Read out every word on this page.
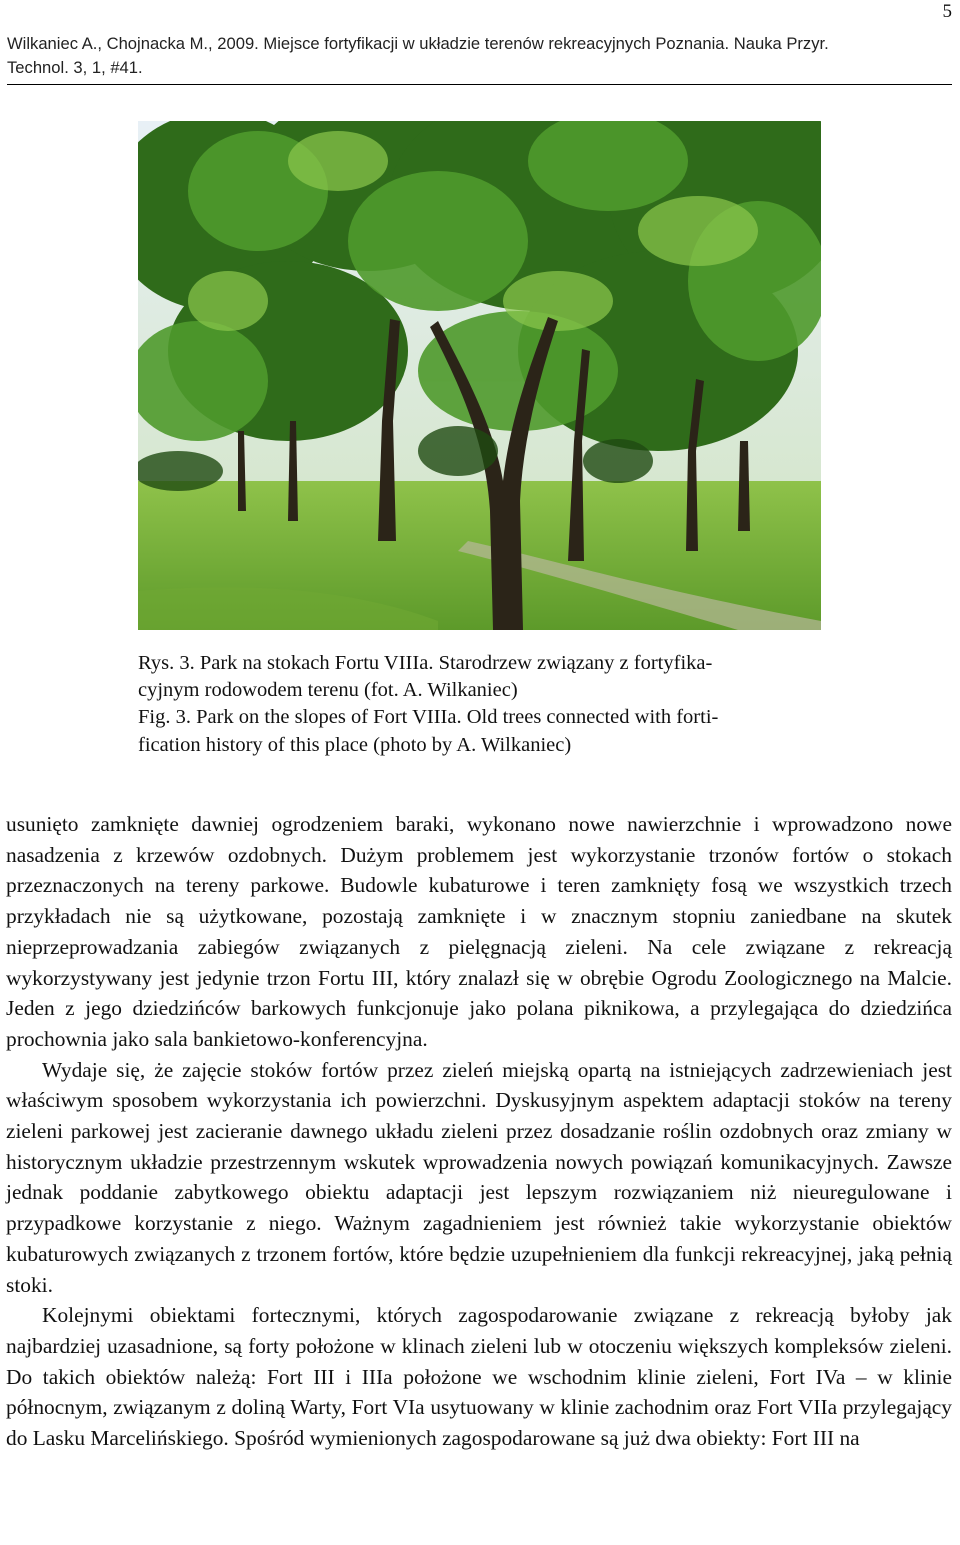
5
Wilkaniec A., Chojnacka M., 2009. Miejsce fortyfikacji w układzie terenów rekreacyjnych Poznania. Nauka Przyr.
Technol. 3, 1, #41.

Rys. 3. Park na stokach Fortu VIIIa. Starodrzew związany z fortyfika-

cyjnym rodowodem terenu (fot. A. Wilkaniec)

Fig. 3. Park on the slopes of Fort VIIIa. Old trees connected with forti-

fication history of this place (photo by A. Wilkaniec)

usunięto zamknięte dawniej ogrodzeniem baraki, wykonano nowe nawierzchnie i wprowadzono nowe nasadzenia z krzewów ozdobnych. Dużym problemem jest wykorzystanie trzonów fortów o stokach przeznaczonych na tereny parkowe. Budowle kubaturowe i teren zamknięty fosą we wszystkich trzech przykładach nie są użytkowane, pozostają zamknięte i w znacznym stopniu zaniedbane na skutek nieprzeprowadzania zabiegów związanych z pielęgnacją zieleni. Na cele związane z rekreacją wykorzystywany jest jedynie trzon Fortu III, który znalazł się w obrębie Ogrodu Zoologicznego na Malcie. Jeden z jego dziedzińców barkowych funkcjonuje jako polana piknikowa, a przylegająca do dziedzińca prochownia jako sala bankietowo-konferencyjna.

Wydaje się, że zajęcie stoków fortów przez zieleń miejską opartą na istniejących zadrzewieniach jest właściwym sposobem wykorzystania ich powierzchni. Dyskusyjnym aspektem adaptacji stoków na tereny zieleni parkowej jest zacieranie dawnego układu zieleni przez dosadzanie roślin ozdobnych oraz zmiany w historycznym układzie przestrzennym wskutek wprowadzenia nowych powiązań komunikacyjnych. Zawsze jednak poddanie zabytkowego obiektu adaptacji jest lepszym rozwiązaniem niż nieuregulowane i przypadkowe korzystanie z niego. Ważnym zagadnieniem jest również takie wykorzystanie obiektów kubaturowych związanych z trzonem fortów, które będzie uzupełnieniem dla funkcji rekreacyjnej, jaką pełnią stoki.

Kolejnymi obiektami fortecznymi, których zagospodarowanie związane z rekreacją byłoby jak najbardziej uzasadnione, są forty położone w klinach zieleni lub w otoczeniu większych kompleksów zieleni. Do takich obiektów należą: Fort III i IIIa położone we wschodnim klinie zieleni, Fort IVa – w klinie północnym, związanym z doliną Warty, Fort VIa usytuowany w klinie zachodnim oraz Fort VIIa przylegający do Lasku Marcelińskiego. Spośród wymienionych zagospodarowane są już dwa obiekty: Fort III na
